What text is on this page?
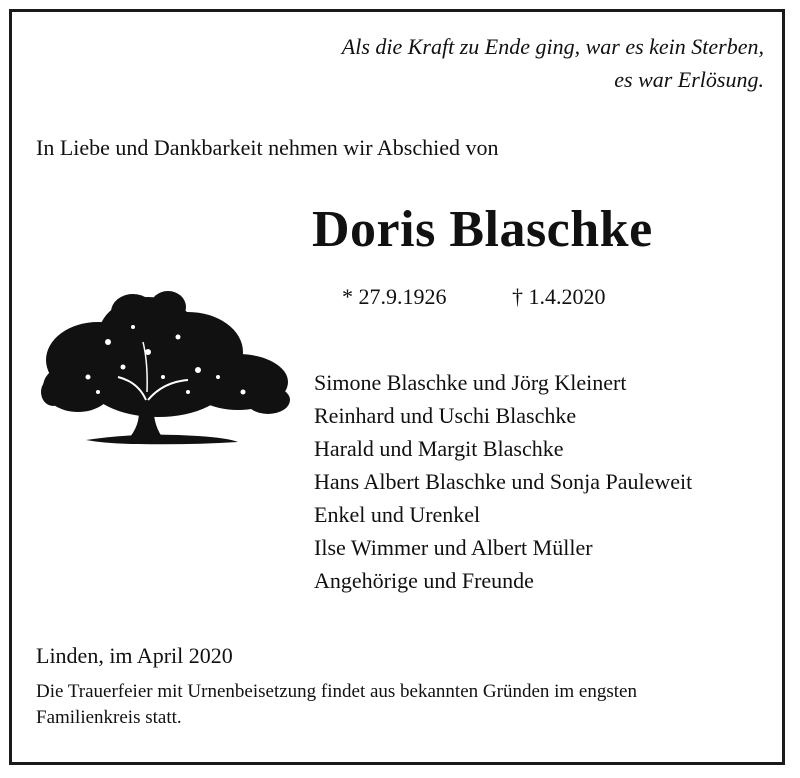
Als die Kraft zu Ende ging, war es kein Sterben,
es war Erlösung.
In Liebe und Dankbarkeit nehmen wir Abschied von
Doris Blaschke
* 27.9.1926	† 1.4.2020
Simone Blaschke und Jörg Kleinert
Reinhard und Uschi Blaschke
Harald und Margit Blaschke
Hans Albert Blaschke und Sonja Pauleweit
Enkel und Urenkel
Ilse Wimmer und Albert Müller
Angehörige und Freunde
Linden, im April 2020
Die Trauerfeier mit Urnenbeisetzung findet aus bekannten Gründen im engsten Familienkreis statt.
